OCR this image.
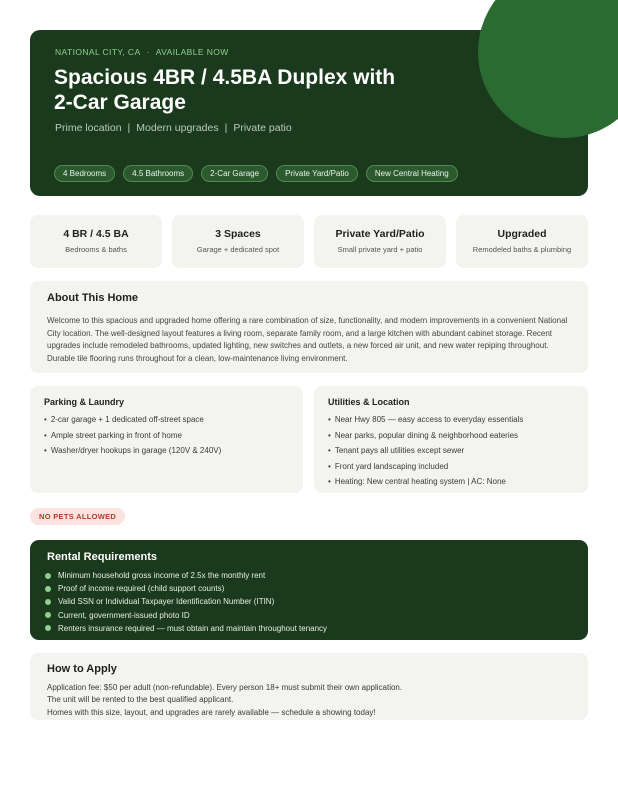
NATIONAL CITY, CA · AVAILABLE NOW
Spacious 4BR / 4.5BA Duplex with 2-Car Garage
Prime location | Modern upgrades | Private patio
4 Bedrooms	4.5 Bathrooms	2-Car Garage	Private Yard/Patio	New Central Heating
4 BR / 4.5 BA
Bedrooms & baths
3 Spaces
Garage + dedicated spot
Private Yard/Patio
Small private yard + patio
Upgraded
Remodeled baths & plumbing
About This Home

Welcome to this spacious and upgraded home offering a rare combination of size, functionality, and modern improvements in a convenient National City location. The well-designed layout features a living room, separate family room, and a large kitchen with abundant cabinet storage. Recent upgrades include remodeled bathrooms, updated lighting, new switches and outlets, a new forced air unit, and new water repiping throughout. Durable tile flooring runs throughout for a clean, low-maintenance living environment.

Parking & Laundry
• 2-car garage + 1 dedicated off-street space
• Ample street parking in front of home
• Washer/dryer hookups in garage (120V & 240V)
Utilities & Location
• Near Hwy 805 — easy access to everyday essentials
• Near parks, popular dining & neighborhood eateries
• Tenant pays all utilities except sewer
• Front yard landscaping included
• Heating: New central heating system | AC: None
NO PETS ALLOWED
Rental Requirements
Minimum household gross income of 2.5x the monthly rent
Proof of income required (child support counts)
Valid SSN or Individual Taxpayer Identification Number (ITIN)
Current, government-issued photo ID
Renters insurance required — must obtain and maintain throughout tenancy
How to Apply

Application fee: $50 per adult (non-refundable). Every person 18+ must submit their own application.

The unit will be rented to the best qualified applicant.

Homes with this size, layout, and upgrades are rarely available — schedule a showing today!
